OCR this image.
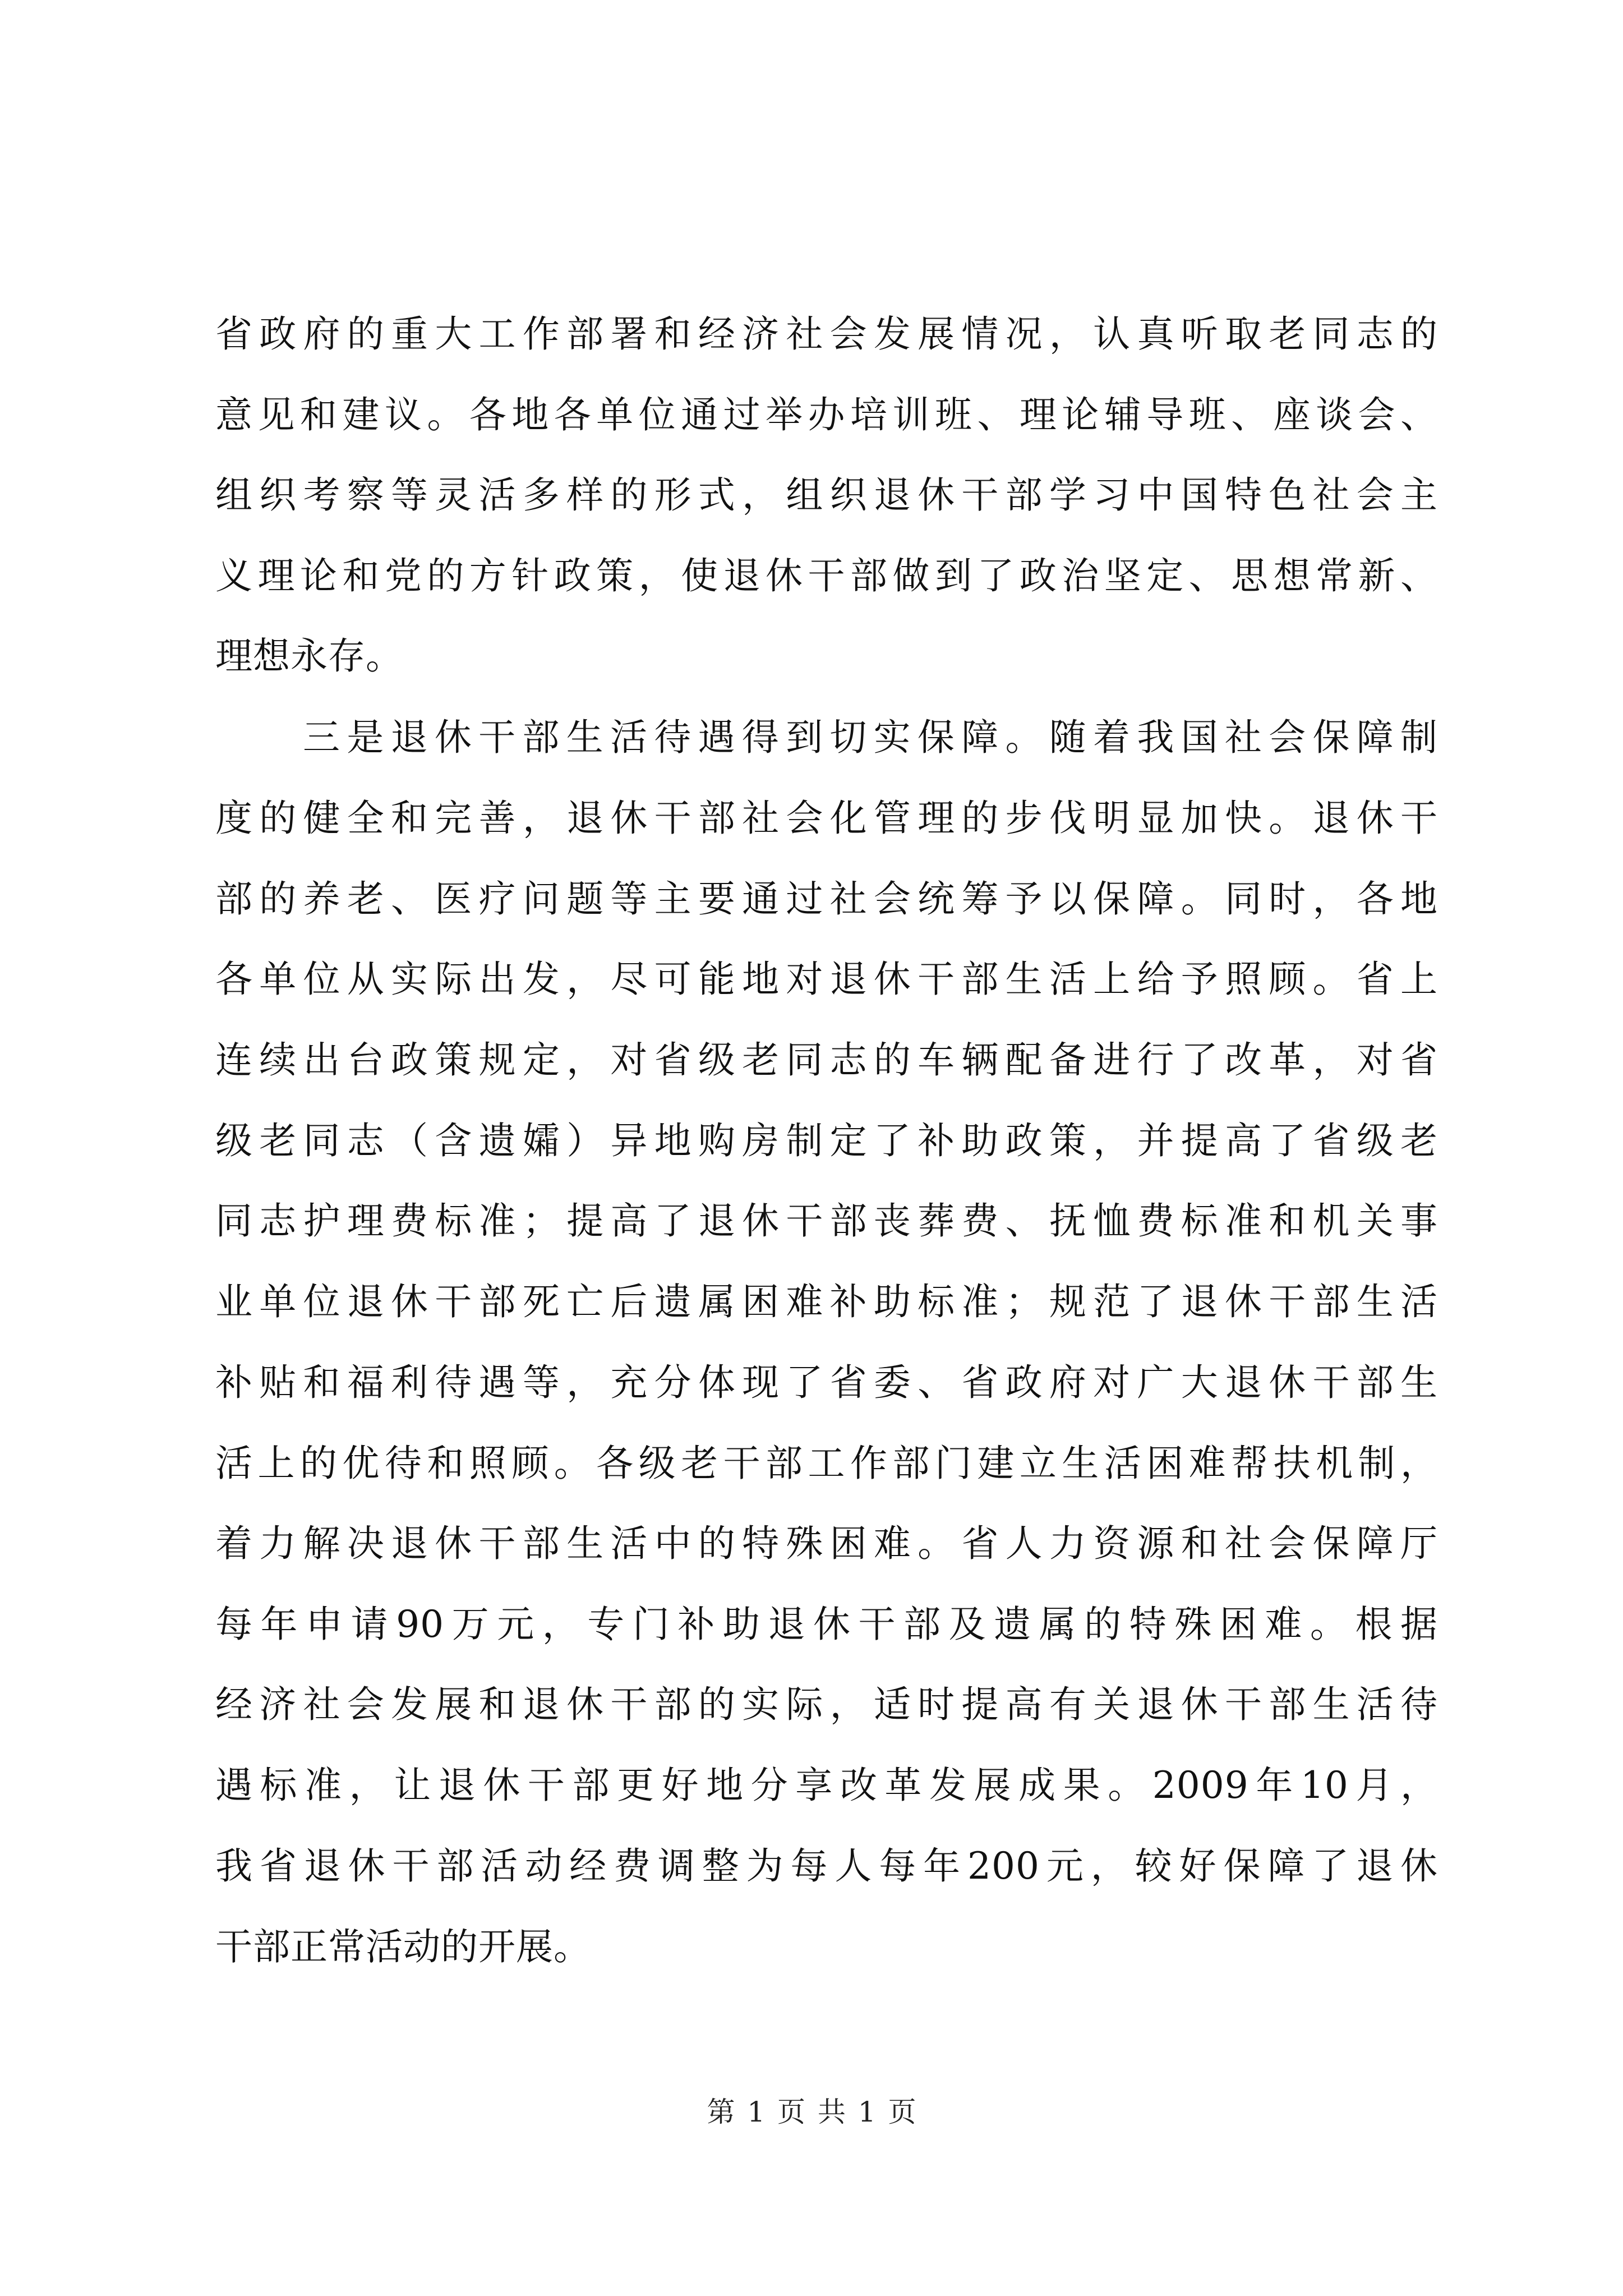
省政府的重大工作部署和经济社会发展情况，认真听取老同志的
意见和建议。各地各单位通过举办培训班、理论辅导班、座谈会、
组织考察等灵活多样的形式，组织退休干部学习中国特色社会主
义理论和党的方针政策，使退休干部做到了政治坚定、思想常新、
理想永存。
三是退休干部生活待遇得到切实保障。随着我国社会保障制
度的健全和完善，退休干部社会化管理的步伐明显加快。退休干
部的养老、医疗问题等主要通过社会统筹予以保障。同时，各地
各单位从实际出发，尽可能地对退休干部生活上给予照顾。省上
连续出台政策规定，对省级老同志的车辆配备进行了改革，对省
级老同志（含遗孀）异地购房制定了补助政策，并提高了省级老
同志护理费标准；提高了退休干部丧葬费、抚恤费标准和机关事
业单位退休干部死亡后遗属困难补助标准；规范了退休干部生活
补贴和福利待遇等，充分体现了省委、省政府对广大退休干部生
活上的优待和照顾。各级老干部工作部门建立生活困难帮扶机制，
着力解决退休干部生活中的特殊困难。省人力资源和社会保障厅
每年申请90万元，专门补助退休干部及遗属的特殊困难。根据
经济社会发展和退休干部的实际，适时提高有关退休干部生活待
遇标准，让退休干部更好地分享改革发展成果。2009年10月，
我省退休干部活动经费调整为每人每年200元，较好保障了退休
干部正常活动的开展。
第 1 页 共 1 页
